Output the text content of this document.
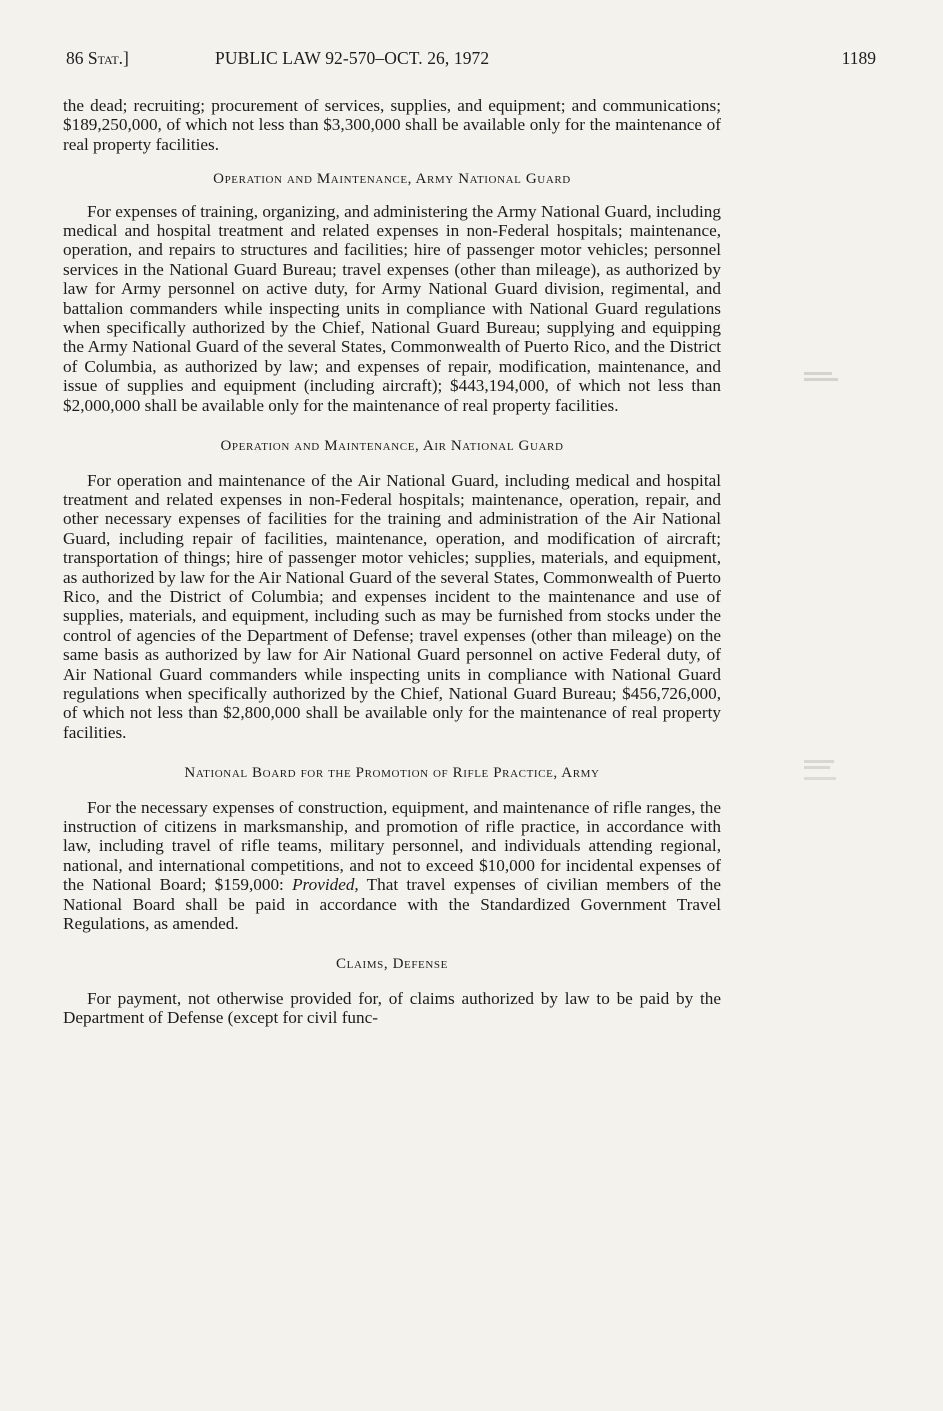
86 Stat.]	PUBLIC LAW 92-570–OCT. 26, 1972	1189

the dead; recruiting; procurement of services, supplies, and equipment; and communications; $189,250,000, of which not less than $3,300,000 shall be available only for the maintenance of real property facilities.

Operation and Maintenance, Army National Guard

For expenses of training, organizing, and administering the Army National Guard, including medical and hospital treatment and related expenses in non-Federal hospitals; maintenance, operation, and repairs to structures and facilities; hire of passenger motor vehicles; personnel services in the National Guard Bureau; travel expenses (other than mileage), as authorized by law for Army personnel on active duty, for Army National Guard division, regimental, and battalion commanders while inspecting units in compliance with National Guard regulations when specifically authorized by the Chief, National Guard Bureau; supplying and equipping the Army National Guard of the several States, Commonwealth of Puerto Rico, and the District of Columbia, as authorized by law; and expenses of repair, modification, maintenance, and issue of supplies and equipment (including aircraft); $443,194,000, of which not less than $2,000,000 shall be available only for the maintenance of real property facilities.

Operation and Maintenance, Air National Guard

For operation and maintenance of the Air National Guard, including medical and hospital treatment and related expenses in non-Federal hospitals; maintenance, operation, repair, and other necessary expenses of facilities for the training and administration of the Air National Guard, including repair of facilities, maintenance, operation, and modification of aircraft; transportation of things; hire of passenger motor vehicles; supplies, materials, and equipment, as authorized by law for the Air National Guard of the several States, Commonwealth of Puerto Rico, and the District of Columbia; and expenses incident to the maintenance and use of supplies, materials, and equipment, including such as may be furnished from stocks under the control of agencies of the Department of Defense; travel expenses (other than mileage) on the same basis as authorized by law for Air National Guard personnel on active Federal duty, of Air National Guard commanders while inspecting units in compliance with National Guard regulations when specifically authorized by the Chief, National Guard Bureau; $456,726,000, of which not less than $2,800,000 shall be available only for the maintenance of real property facilities.

National Board for the Promotion of Rifle Practice, Army

For the necessary expenses of construction, equipment, and maintenance of rifle ranges, the instruction of citizens in marksmanship, and promotion of rifle practice, in accordance with law, including travel of rifle teams, military personnel, and individuals attending regional, national, and international competitions, and not to exceed $10,000 for incidental expenses of the National Board; $159,000: Provided, That travel expenses of civilian members of the National Board shall be paid in accordance with the Standardized Government Travel Regulations, as amended.

Claims, Defense

For payment, not otherwise provided for, of claims authorized by law to be paid by the Department of Defense (except for civil func-
